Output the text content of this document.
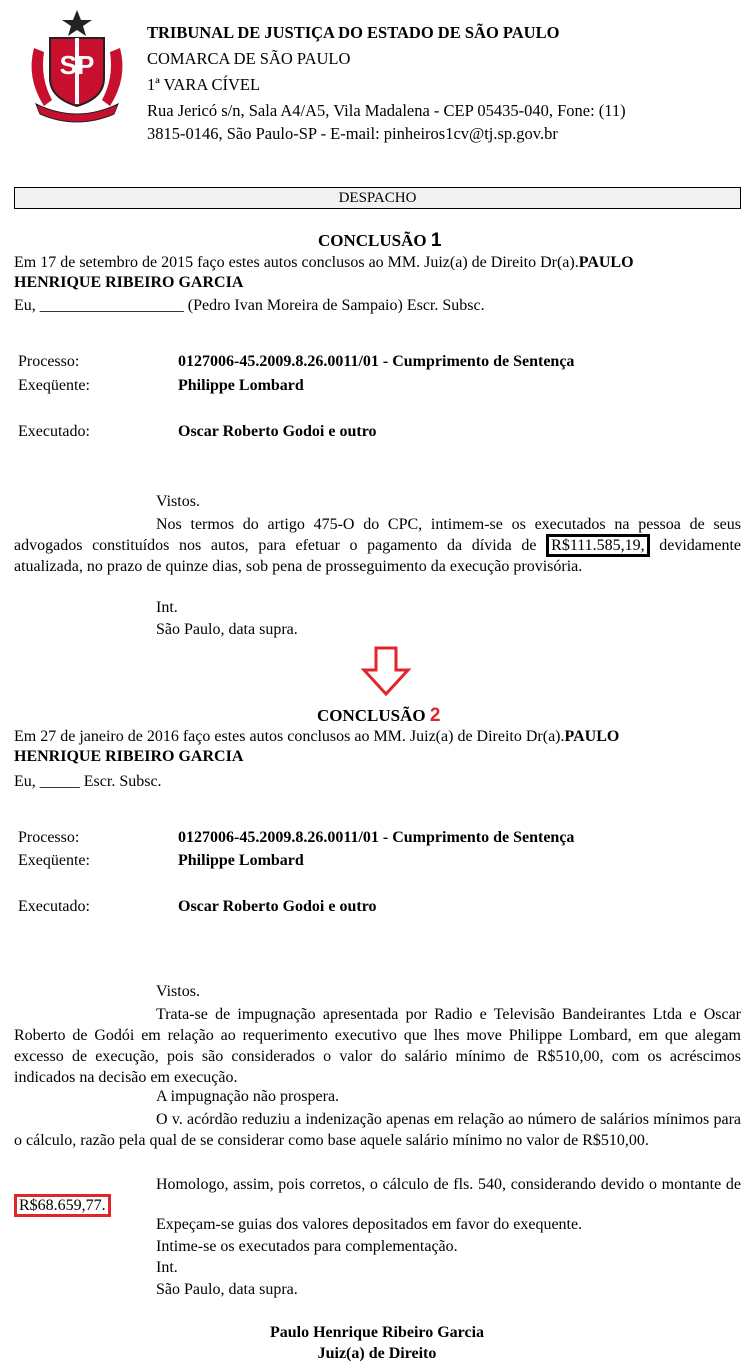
SP
TRIBUNAL DE JUSTIÇA DO ESTADO DE SÃO PAULO
COMARCA DE SÃO PAULO
1ª VARA CÍVEL
Rua Jericó s/n, Sala A4/A5, Vila Madalena - CEP 05435-040, Fone: (11)
3815-0146, São Paulo-SP - E-mail: pinheiros1cv@tj.sp.gov.br
DESPACHO
CONCLUSÃO 1
Em 17 de setembro de 2015 faço estes autos conclusos ao MM. Juiz(a) de Direito Dr(a).PAULO
HENRIQUE RIBEIRO GARCIA
Eu, __________________ (Pedro Ivan Moreira de Sampaio) Escr. Subsc.
Processo:	0127006-45.2009.8.26.0011/01 - Cumprimento de Sentença
Exeqüente:	Philippe Lombard
Executado:	Oscar Roberto Godoi e outro
Vistos.
Nos termos do artigo 475-O do CPC, intimem-se os executados na pessoa de seus advogados constituídos nos autos, para efetuar o pagamento da dívida de R$111.585,19, devidamente atualizada, no prazo de quinze dias, sob pena de prosseguimento da execução provisória.
Int.
São Paulo, data supra.
CONCLUSÃO 2
Em 27 de janeiro de 2016 faço estes autos conclusos ao MM. Juiz(a) de Direito Dr(a).PAULO
HENRIQUE RIBEIRO GARCIA
Eu, _____ Escr. Subsc.
Processo:	0127006-45.2009.8.26.0011/01 - Cumprimento de Sentença
Exeqüente:	Philippe Lombard
Executado:	Oscar Roberto Godoi e outro
Vistos.
Trata-se de impugnação apresentada por Radio e Televisão Bandeirantes Ltda e Oscar Roberto de Godói em relação ao requerimento executivo que lhes move Philippe Lombard, em que alegam excesso de execução, pois são considerados o valor do salário mínimo de R$510,00, com os acréscimos indicados na decisão em execução.
A impugnação não prospera.
O v. acórdão reduziu a indenização apenas em relação ao número de salários mínimos para o cálculo, razão pela qual de se considerar como base aquele salário mínimo no valor de R$510,00.
Homologo, assim, pois corretos, o cálculo de fls. 540, considerando devido o montante de R$68.659,77.
Expeçam-se guias dos valores depositados em favor do exequente.
Intime-se os executados para complementação.
Int.
São Paulo, data supra.
Paulo Henrique Ribeiro Garcia
Juiz(a) de Direito
